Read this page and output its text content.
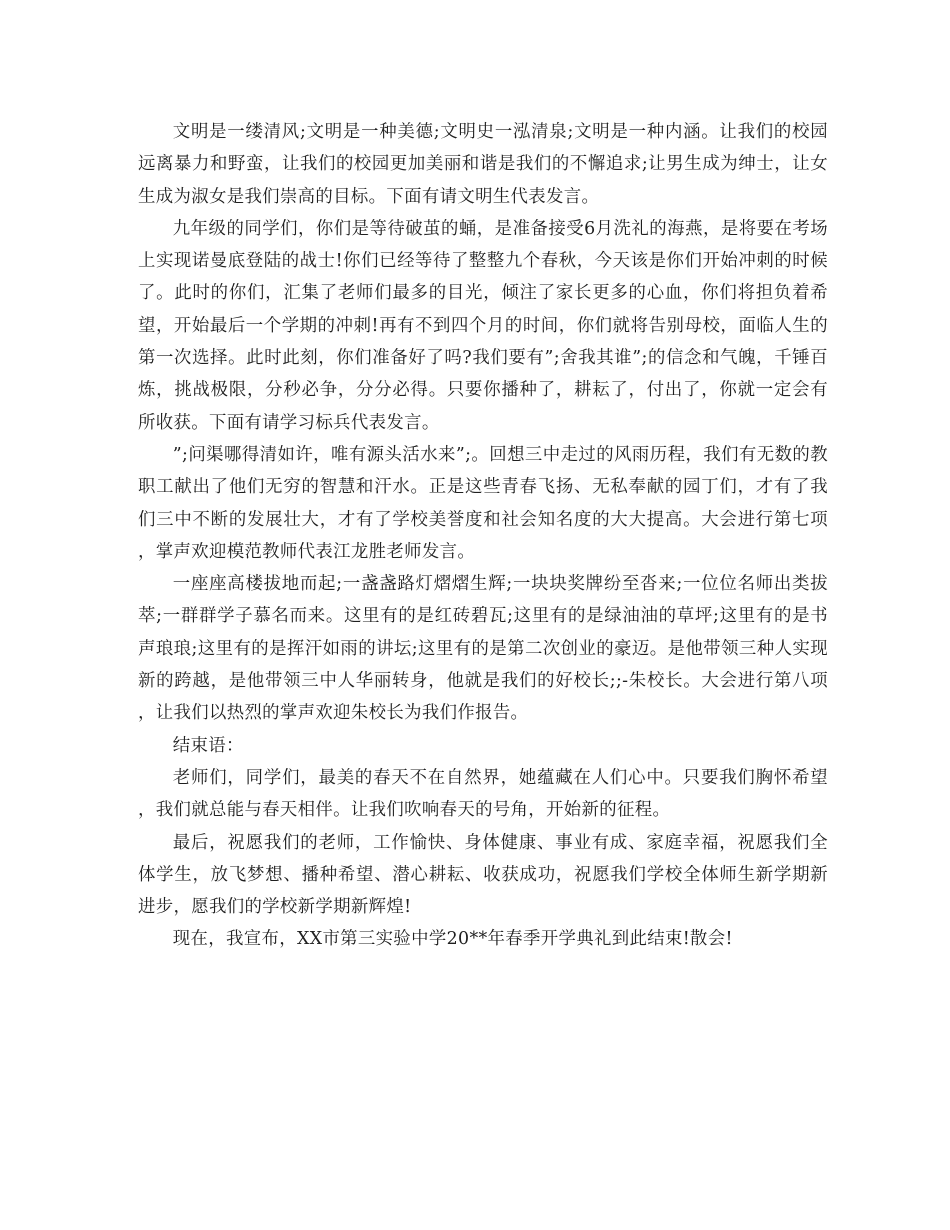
文明是一缕清风;文明是一种美德;文明史一泓清泉;文明是一种内涵。让我们的校园远离暴力和野蛮，让我们的校园更加美丽和谐是我们的不懈追求;让男生成为绅士，让女生成为淑女是我们崇高的目标。下面有请文明生代表发言。

九年级的同学们，你们是等待破茧的蛹，是准备接受6月洗礼的海燕，是将要在考场上实现诺曼底登陆的战士!你们已经等待了整整九个春秋，今天该是你们开始冲刺的时候了。此时的你们，汇集了老师们最多的目光，倾注了家长更多的心血，你们将担负着希望，开始最后一个学期的冲刺!再有不到四个月的时间，你们就将告别母校，面临人生的第一次选择。此时此刻，你们准备好了吗?我们要有”;舍我其谁”;的信念和气魄，千锤百炼，挑战极限，分秒必争，分分必得。只要你播种了，耕耘了，付出了，你就一定会有所收获。下面有请学习标兵代表发言。

”;问渠哪得清如许，唯有源头活水来”;。回想三中走过的风雨历程，我们有无数的教职工献出了他们无穷的智慧和汗水。正是这些青春飞扬、无私奉献的园丁们，才有了我们三中不断的发展壮大，才有了学校美誉度和社会知名度的大大提高。大会进行第七项，掌声欢迎模范教师代表江龙胜老师发言。

一座座高楼拔地而起;一盏盏路灯熠熠生辉;一块块奖牌纷至沓来;一位位名师出类拔萃;一群群学子慕名而来。这里有的是红砖碧瓦;这里有的是绿油油的草坪;这里有的是书声琅琅;这里有的是挥汗如雨的讲坛;这里有的是第二次创业的豪迈。是他带领三种人实现新的跨越，是他带领三中人华丽转身，他就是我们的好校长;;-朱校长。大会进行第八项，让我们以热烈的掌声欢迎朱校长为我们作报告。

结束语：

老师们，同学们，最美的春天不在自然界，她蕴藏在人们心中。只要我们胸怀希望，我们就总能与春天相伴。让我们吹响春天的号角，开始新的征程。

最后，祝愿我们的老师，工作愉快、身体健康、事业有成、家庭幸福，祝愿我们全体学生，放飞梦想、播种希望、潜心耕耘、收获成功，祝愿我们学校全体师生新学期新进步，愿我们的学校新学期新辉煌!

现在，我宣布，XX市第三实验中学20**年春季开学典礼到此结束!散会!
